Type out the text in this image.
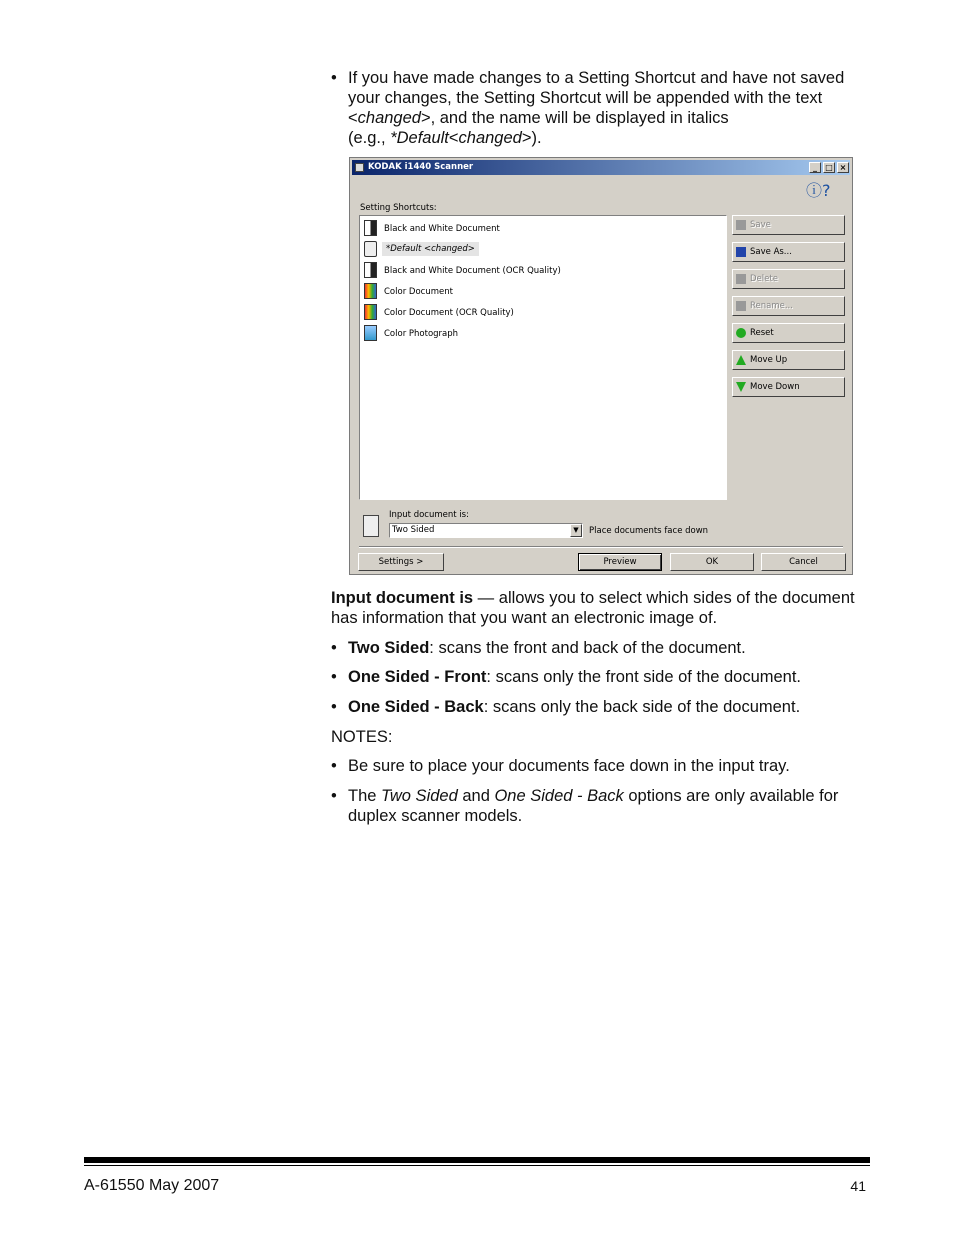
• If you have made changes to a Setting Shortcut and have not saved
your changes, the Setting Shortcut will be appended with the text
<changed>, and the name will be displayed in italics
(e.g., *Default<changed>).
KODAK i1440 Scanner	_	□ ×
ⓘ?
Setting Shortcuts:
Black and White Document
*Default <changed>
Black and White Document (OCR Quality)
Color Document
Color Document (OCR Quality)
Color Photograph
Save
Save As...
Delete
Rename...
Reset
Move Up
Move Down
Input document is:
Two Sided	▼	Place documents face down
Settings >	Preview	OK	Cancel
Input document is — allows you to select which sides of the document
has information that you want an electronic image of.
• Two Sided: scans the front and back of the document.
• One Sided - Front: scans only the front side of the document.
• One Sided - Back: scans only the back side of the document.
NOTES:
• Be sure to place your documents face down in the input tray.
• The Two Sided and One Sided - Back options are only available for
duplex scanner models.
A-61550 May 2007	41
